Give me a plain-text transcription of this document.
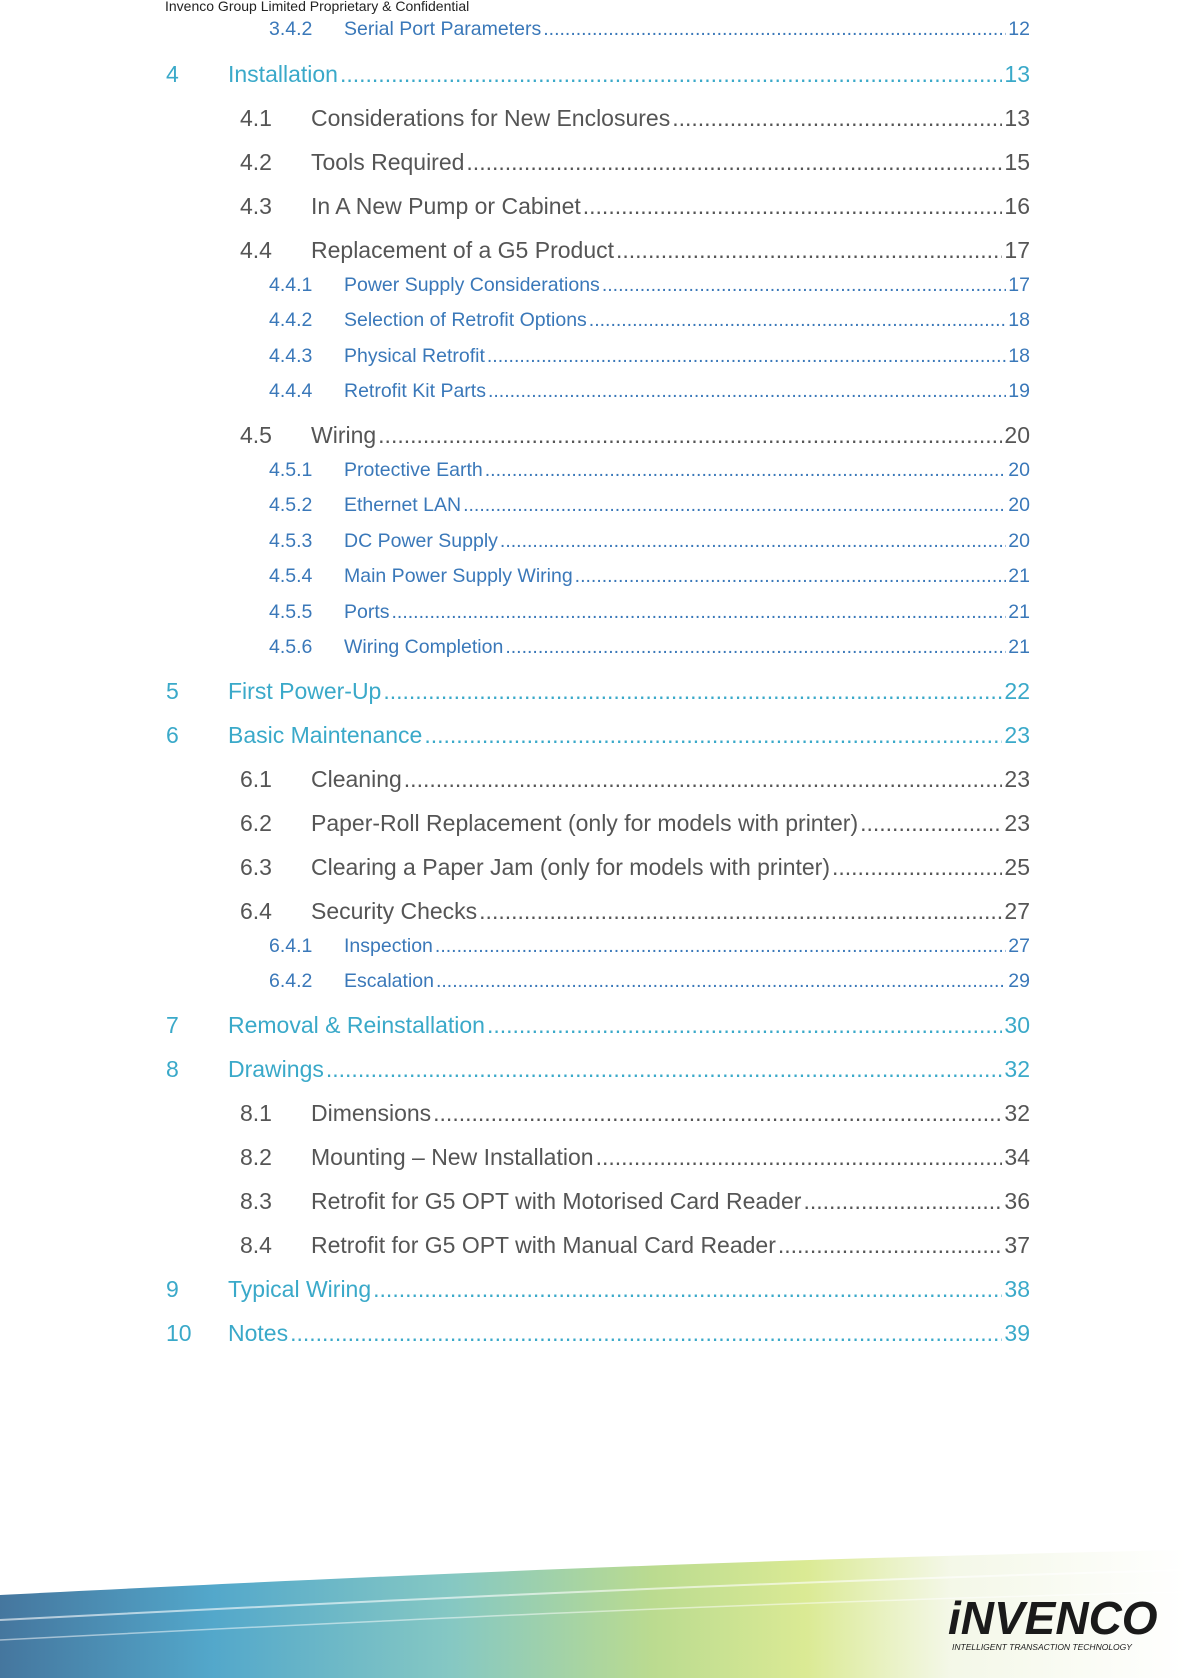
Invenco Group Limited Proprietary & Confidential
3.4.2	Serial Port Parameters .....	12
4	Installation .....	13
4.1	Considerations for New Enclosures .....	13
4.2	Tools Required .....	15
4.3	In A New Pump or Cabinet .....	16
4.4	Replacement of a G5 Product .....	17
4.4.1	Power Supply Considerations .....	17
4.4.2	Selection of Retrofit Options .....	18
4.4.3	Physical Retrofit .....	18
4.4.4	Retrofit Kit Parts .....	19
4.5	Wiring .....	20
4.5.1	Protective Earth .....	20
4.5.2	Ethernet LAN .....	20
4.5.3	DC Power Supply .....	20
4.5.4	Main Power Supply Wiring .....	21
4.5.5	Ports .....	21
4.5.6	Wiring Completion .....	21
5	First Power-Up .....	22
6	Basic Maintenance .....	23
6.1	Cleaning .....	23
6.2	Paper-Roll Replacement (only for models with printer) .....	23
6.3	Clearing a Paper Jam (only for models with printer) .....	25
6.4	Security Checks .....	27
6.4.1	Inspection .....	27
6.4.2	Escalation .....	29
7	Removal & Reinstallation .....	30
8	Drawings .....	32
8.1	Dimensions .....	32
8.2	Mounting – New Installation .....	34
8.3	Retrofit for G5 OPT with Motorised Card Reader .....	36
8.4	Retrofit for G5 OPT with Manual Card Reader .....	37
9	Typical Wiring .....	38
10	Notes .....	39
iNVENCO
INTELLIGENT TRANSACTION TECHNOLOGY
